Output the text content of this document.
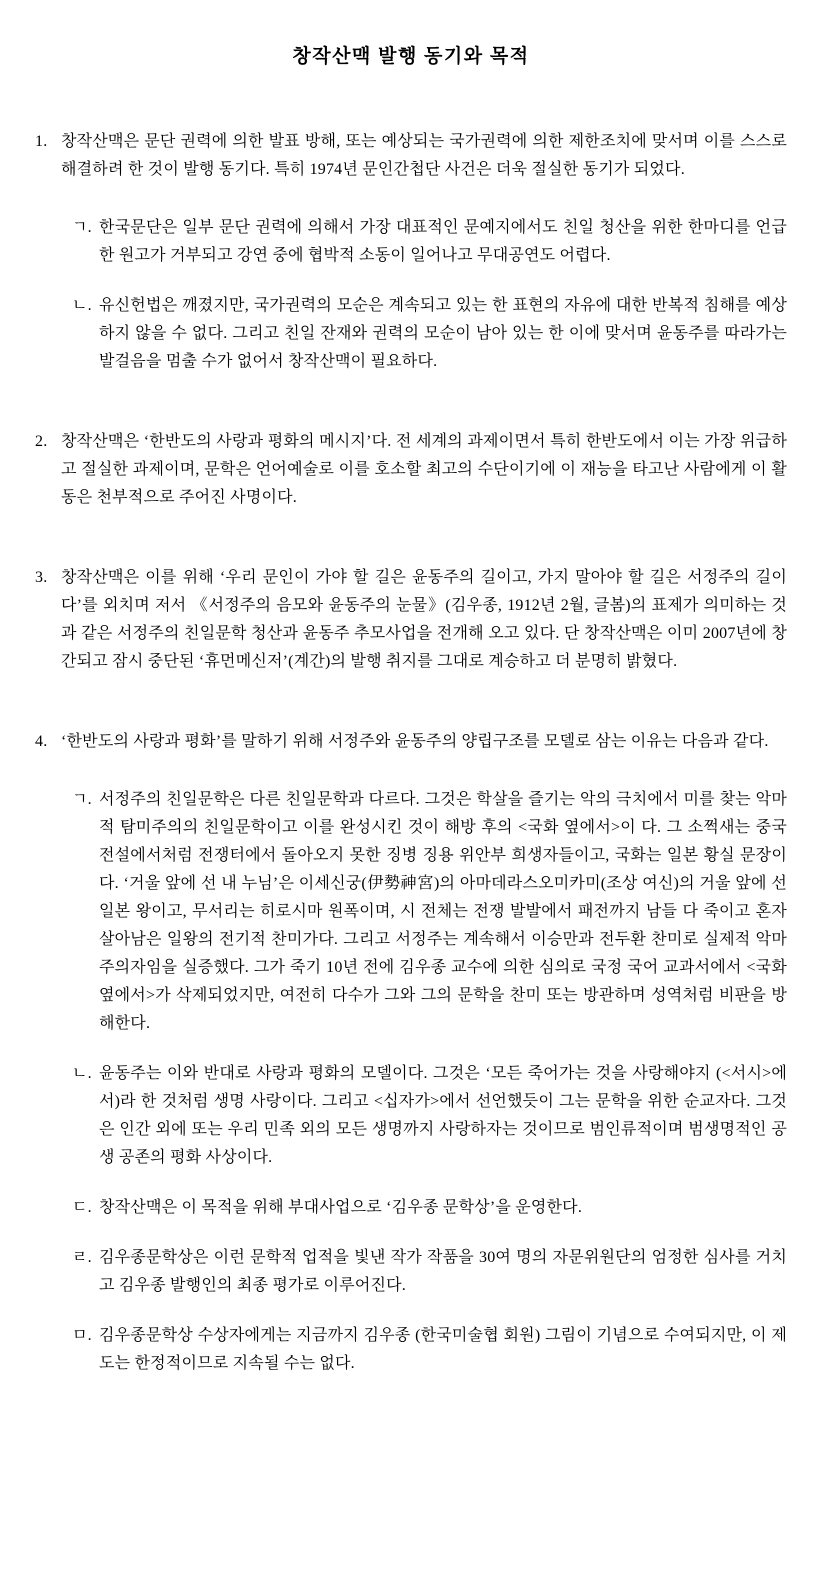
창작산맥 발행 동기와 목적
1. 창작산맥은 문단 권력에 의한 발표 방해, 또는 예상되는 국가권력에 의한 제한조치에 맞서며 이를 스스로 해결하려 한 것이 발행 동기다. 특히 1974년 문인간첩단 사건은 더욱 절실한 동기가 되었다.

ㄱ. 한국문단은 일부 문단 권력에 의해서 가장 대표적인 문예지에서도 친일 청산을 위한 한마디를 언급한 원고가 거부되고 강연 중에 협박적 소동이 일어나고 무대공연도 어렵다.

ㄴ. 유신헌법은 깨졌지만, 국가권력의 모순은 계속되고 있는 한 표현의 자유에 대한 반복적 침해를 예상하지 않을 수 없다. 그리고 친일 잔재와 권력의 모순이 남아 있는 한 이에 맞서며 윤동주를 따라가는 발걸음을 멈출 수가 없어서 창작산맥이 필요하다.

2. 창작산맥은 ‘한반도의 사랑과 평화의 메시지’다. 전 세계의 과제이면서 특히 한반도에서 이는 가장 위급하고 절실한 과제이며, 문학은 언어예술로 이를 호소할 최고의 수단이기에 이 재능을 타고난 사람에게 이 활동은 천부적으로 주어진 사명이다.

3. 창작산맥은 이를 위해 ‘우리 문인이 가야 할 길은 윤동주의 길이고, 가지 말아야 할 길은 서정주의 길이다’를 외치며 저서 《서정주의 음모와 윤동주의 눈물》(김우종, 1912년 2월, 글봄)의 표제가 의미하는 것과 같은 서정주의 친일문학 청산과 윤동주 추모사업을 전개해 오고 있다. 단 창작산맥은 이미 2007년에 창간되고 잠시 중단된 ‘휴먼메신저’(계간)의 발행 취지를 그대로 계승하고 더 분명히 밝혔다.

4. ‘한반도의 사랑과 평화’를 말하기 위해 서정주와 윤동주의 양립구조를 모델로 삼는 이유는 다음과 같다.

ㄱ. 서정주의 친일문학은 다른 친일문학과 다르다. 그것은 학살을 즐기는 악의 극치에서 미를 찾는 악마적 탐미주의의 친일문학이고 이를 완성시킨 것이 해방 후의 <국화 옆에서>이 다. 그 소쩍새는 중국 전설에서처럼 전쟁터에서 돌아오지 못한 징병 징용 위안부 희생자들이고, 국화는 일본 황실 문장이다. ‘거울 앞에 선 내 누님’은 이세신궁(伊勢神宮)의 아마데라스오미카미(조상 여신)의 거울 앞에 선 일본 왕이고, 무서리는 히로시마 원폭이며, 시 전체는 전쟁 발발에서 패전까지 남들 다 죽이고 혼자 살아남은 일왕의 전기적 찬미가다. 그리고 서정주는 계속해서 이승만과 전두환 찬미로 실제적 악마주의자임을 실증했다. 그가 죽기 10년 전에 김우종 교수에 의한 심의로 국정 국어 교과서에서 <국화 옆에서>가 삭제되었지만, 여전히 다수가 그와 그의 문학을 찬미 또는 방관하며 성역처럼 비판을 방해한다.

ㄴ. 윤동주는 이와 반대로 사랑과 평화의 모델이다. 그것은 ‘모든 죽어가는 것을 사랑해야지 (<서시>에서)라 한 것처럼 생명 사랑이다. 그리고 <십자가>에서 선언했듯이 그는 문학을 위한 순교자다. 그것은 인간 외에 또는 우리 민족 외의 모든 생명까지 사랑하자는 것이므로 범인류적이며 범생명적인 공생 공존의 평화 사상이다.

ㄷ. 창작산맥은 이 목적을 위해 부대사업으로 ‘김우종 문학상’을 운영한다.

ㄹ. 김우종문학상은 이런 문학적 업적을 빛낸 작가 작품을 30여 명의 자문위원단의 엄정한 심사를 거치고 김우종 발행인의 최종 평가로 이루어진다.

ㅁ. 김우종문학상 수상자에게는 지금까지 김우종 (한국미술협 회원) 그림이 기념으로 수여되지만, 이 제도는 한정적이므로 지속될 수는 없다.
